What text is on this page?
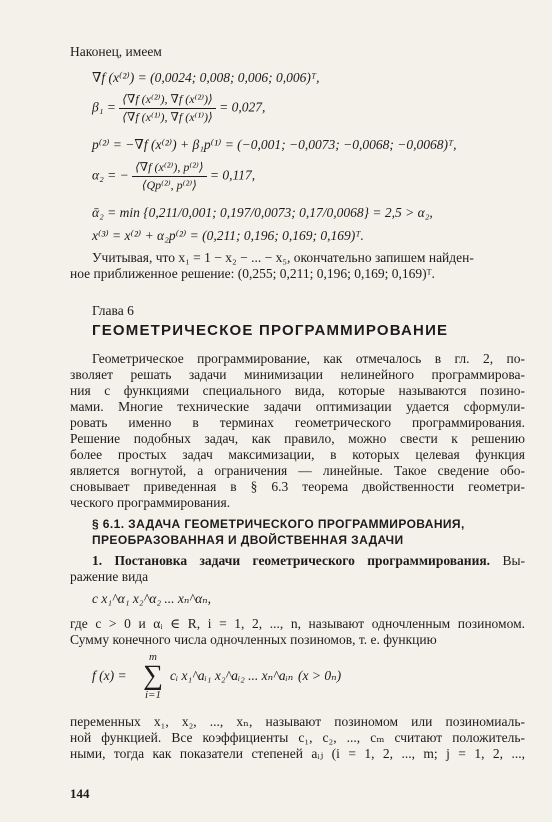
Наконец, имеем
∇f (x⁽²⁾) = (0,0024; 0,008; 0,006; 0,006)ᵀ,
$\beta_1 = \frac{\text{⟨∇f (x⁽²⁾), ∇f (x⁽²⁾)⟩}}{\text{⟨∇f (x⁽¹⁾), ∇f (x⁽¹⁾)⟩}} = 0,027$,
p⁽²⁾ = −∇f (x⁽²⁾) + β₁p⁽¹⁾ = (−0,001; −0,0073; −0,0068; −0,0068)ᵀ,
α₂ = − $\frac{\text{⟨∇f (x⁽²⁾), p⁽²⁾⟩}}{\text{⟨Qp⁽²⁾, p⁽²⁾⟩}} = 0,117$,
ᾱ₂ = min {0,211/0,001; 0,197/0,0073; 0,17/0,0068} = 2,5 > α₂,
x⁽³⁾ = x⁽²⁾ + α₂p⁽²⁾ = (0,211; 0,196; 0,169; 0,169)ᵀ.
Учитывая, что x₁ = 1 − x₂ − ... − x₅, окончательно запишем найден-
ное приближенное решение: (0,255; 0,211; 0,196; 0,169; 0,169)ᵀ.
Глава 6
ГЕОМЕТРИЧЕСКОЕ ПРОГРАММИРОВАНИЕ
Геометрическое программирование, как отмечалось в гл. 2, по-
зволяет решать задачи минимизации нелинейного программирова-
ния с функциями специального вида, которые называются позино-
мами. Многие технические задачи оптимизации удается сформули-
ровать именно в терминах геометрического программирования.
Решение подобных задач, как правило, можно свести к решению
более простых задач максимизации, в которых целевая функция
является вогнутой, а ограничения — линейные. Такое сведение обо-
сновывает приведенная в § 6.3 теорема двойственности геометри-
ческого программирования.
§ 6.1. ЗАДАЧА ГЕОМЕТРИЧЕСКОГО ПРОГРАММИРОВАНИЯ,
ПРЕОБРАЗОВАННАЯ И ДВОЙСТВЕННАЯ ЗАДАЧИ
1. Постановка задачи геометрического программирования. Вы-
ражение вида
c x₁^α₁ x₂^α₂ ... xₙ^αₙ,
где c > 0 и αᵢ ∈ R, i = 1, 2, ..., n, называют одночленным позиномом.
Сумму конечного числа одночленных позиномов, т. е. функцию
f (x) =
m
∑
i=1
cᵢ x₁^aᵢ₁ x₂^aᵢ₂ ... xₙ^aᵢₙ (x > 0ₙ)
переменных x₁, x₂, ..., xₙ, называют позиномом или позиномиаль-
ной функцией. Все коэффициенты c₁, c₂, ..., cₘ считают положитель-
ными, тогда как показатели степеней aᵢⱼ (i = 1, 2, ..., m; j = 1, 2, ...,
144
